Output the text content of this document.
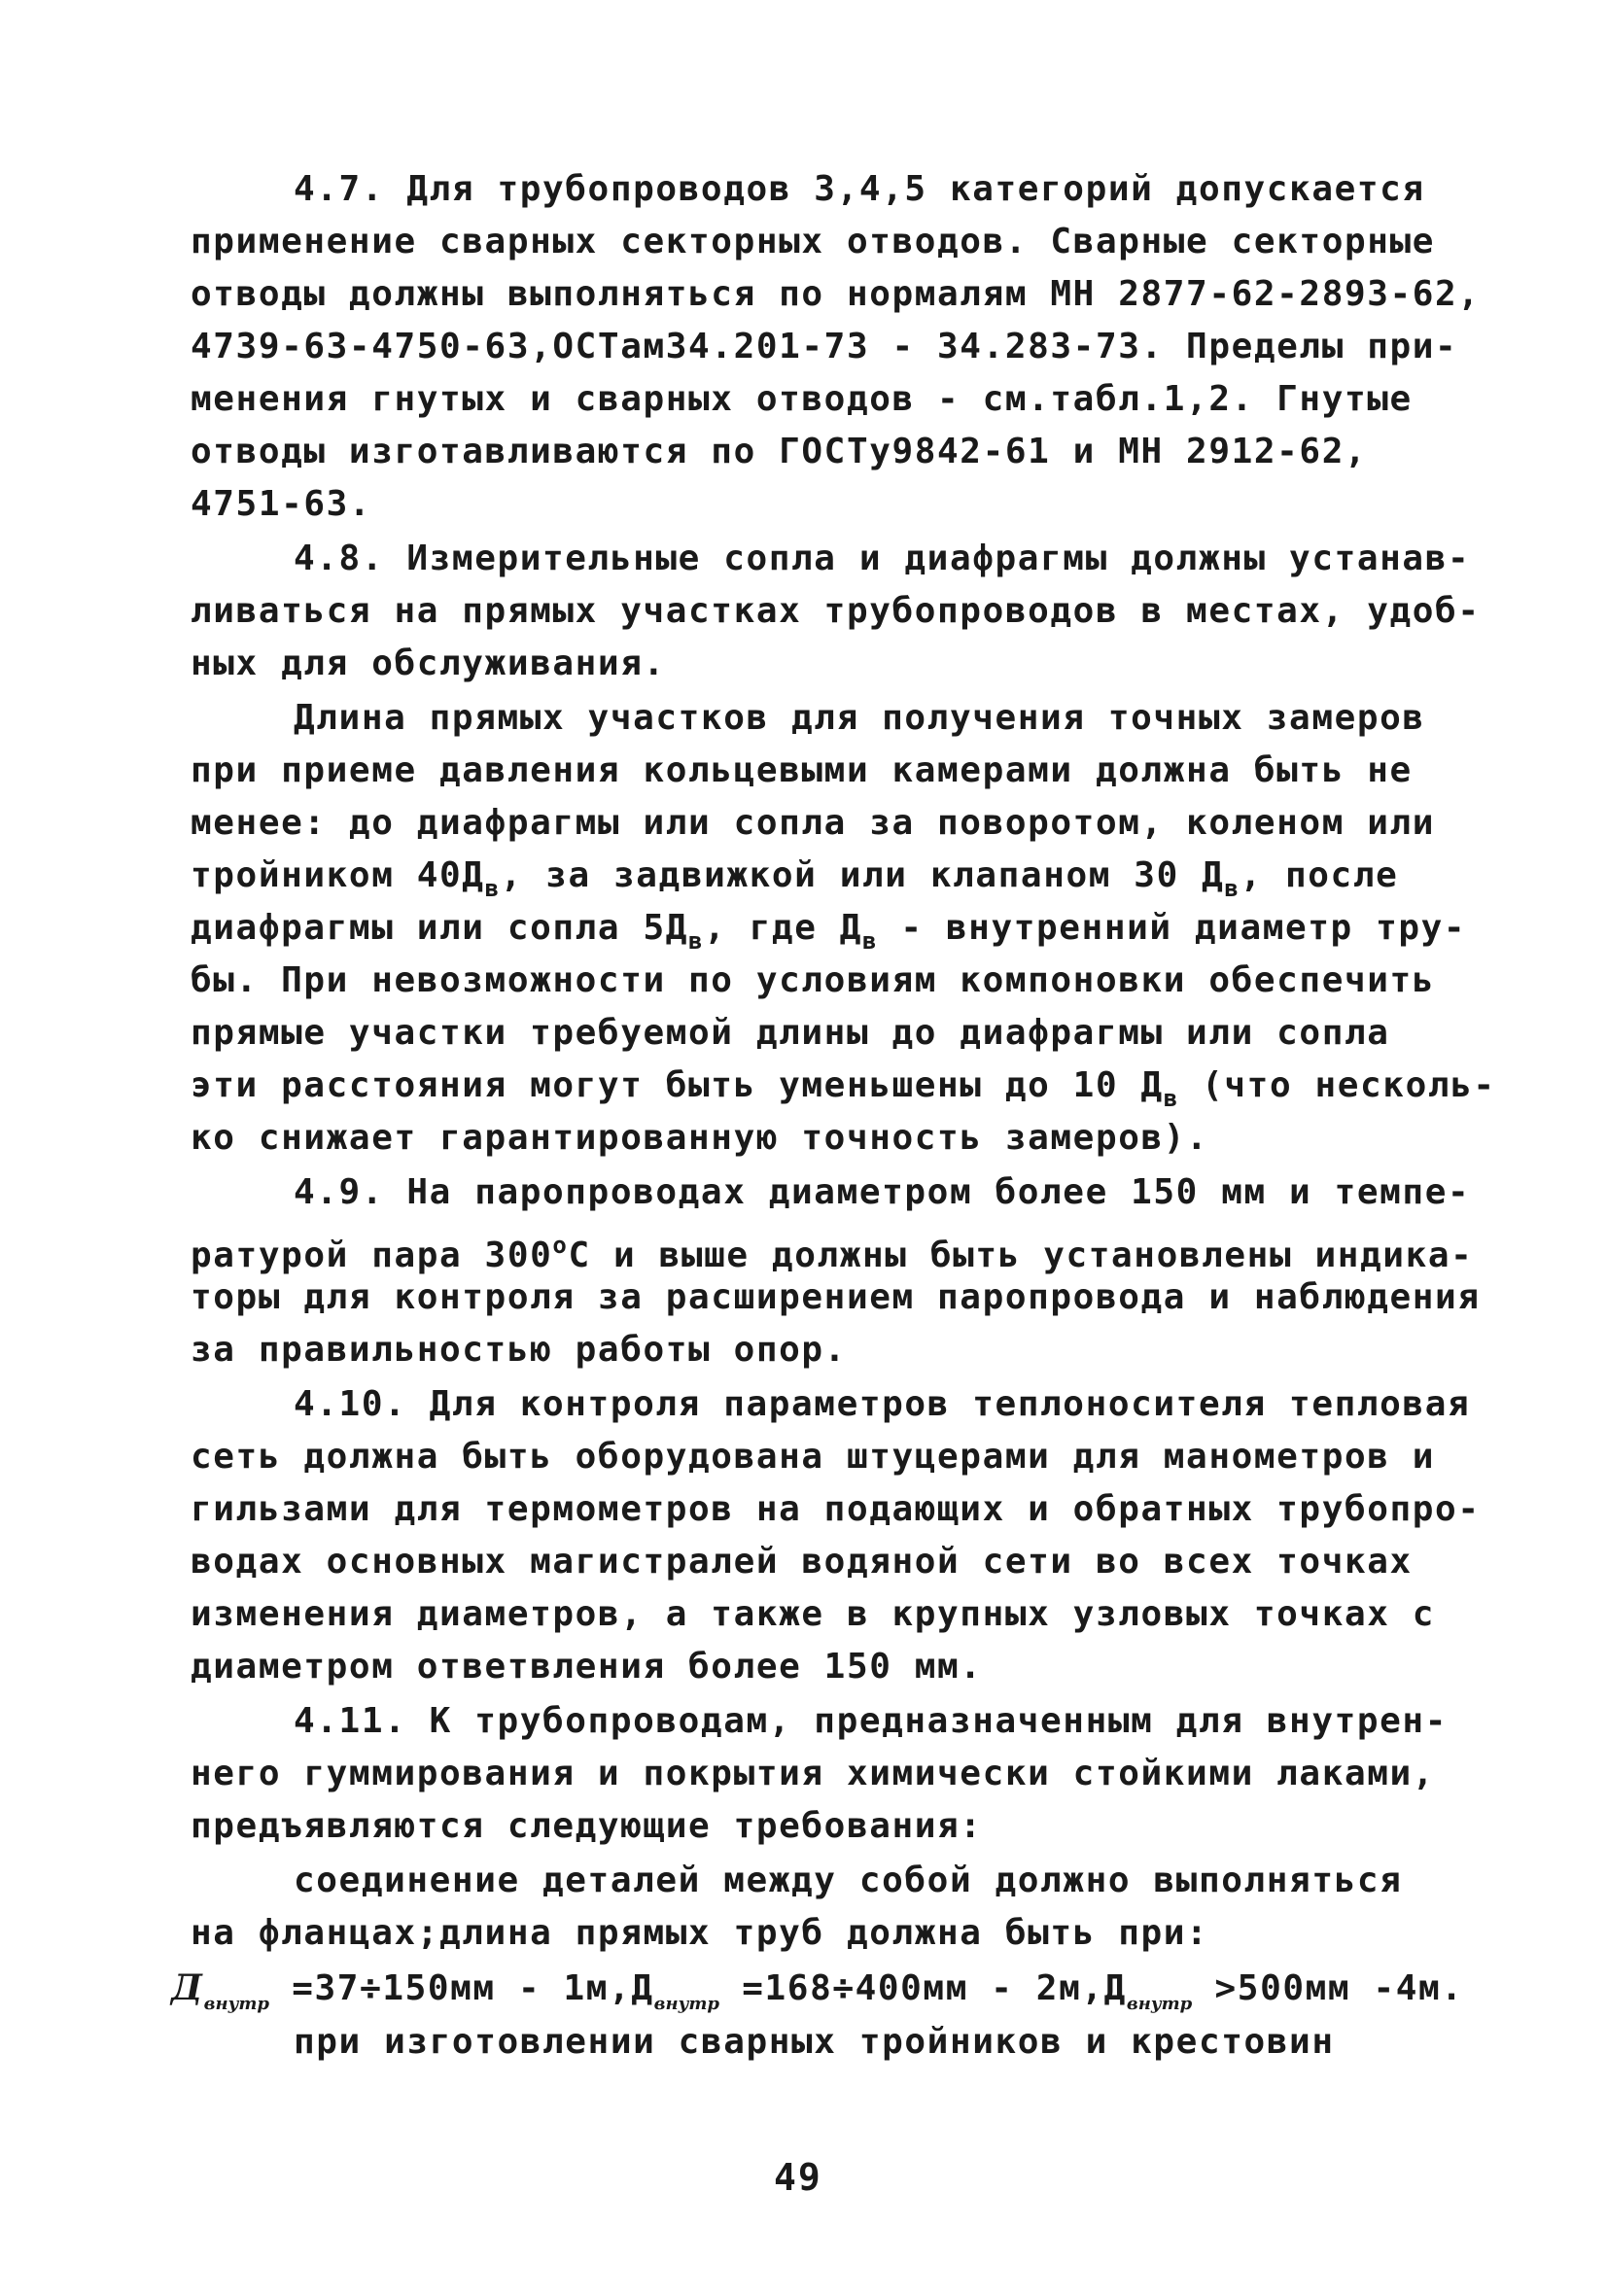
4.7. Для трубопроводов 3,4,5 категорий допускается
применение сварных секторных отводов. Сварные секторные
отводы должны выполняться по нормалям МН 2877-62-2893-62,
4739-63-4750-63,ОСТам34.201-73 - 34.283-73. Пределы при-
менения гнутых и сварных отводов - см.табл.1,2. Гнутые
отводы изготавливаются по ГОСТу9842-61 и МН 2912-62,
4751-63.
4.8. Измерительные сопла и диафрагмы должны устанав-
ливаться на прямых участках трубопроводов в местах, удоб-
ных для обслуживания.
Длина прямых участков для получения точных замеров
при приеме давления кольцевыми камерами должна быть не
менее: до диафрагмы или сопла за поворотом, коленом или
тройником $40Д_в$, за задвижкой или клапаном 30 $Д_в$, после
диафрагмы или сопла $5Д_в$, где $Д_в$ - внутренний диаметр тру-
бы. При невозможности по условиям компоновки обеспечить
прямые участки требуемой длины до диафрагмы или сопла
эти расстояния могут быть уменьшены до 10 $Д_в$ (что несколь-
ко снижает гарантированную точность замеров).
4.9. На паропроводах диаметром более 150 мм и темпе-
ратурой пара $300^оС$ и выше должны быть установлены индика-
торы для контроля за расширением паропровода и наблюдения
за правильностью работы опор.
4.10. Для контроля параметров теплоносителя тепловая
сеть должна быть оборудована штуцерами для манометров и
гильзами для термометров на подающих и обратных трубопро-
водах основных магистралей водяной сети во всех точках
изменения диаметров, а также в крупных узловых точках с
диаметром ответвления более 150 мм.
4.11. К трубопроводам, предназначенным для внутрен-
него гуммирования и покрытия химически стойкими лаками,
предъявляются следующие требования:
соединение деталей между собой должно выполняться
на фланцах;длина прямых труб должна быть при:
$Д_{внутр} =37\div 150мм - 1м,Д_{внутр} =168\div 400мм - 2м,Д_{внутр} >500мм$ -4м.
при изготовлении сварных тройников и крестовин
49
